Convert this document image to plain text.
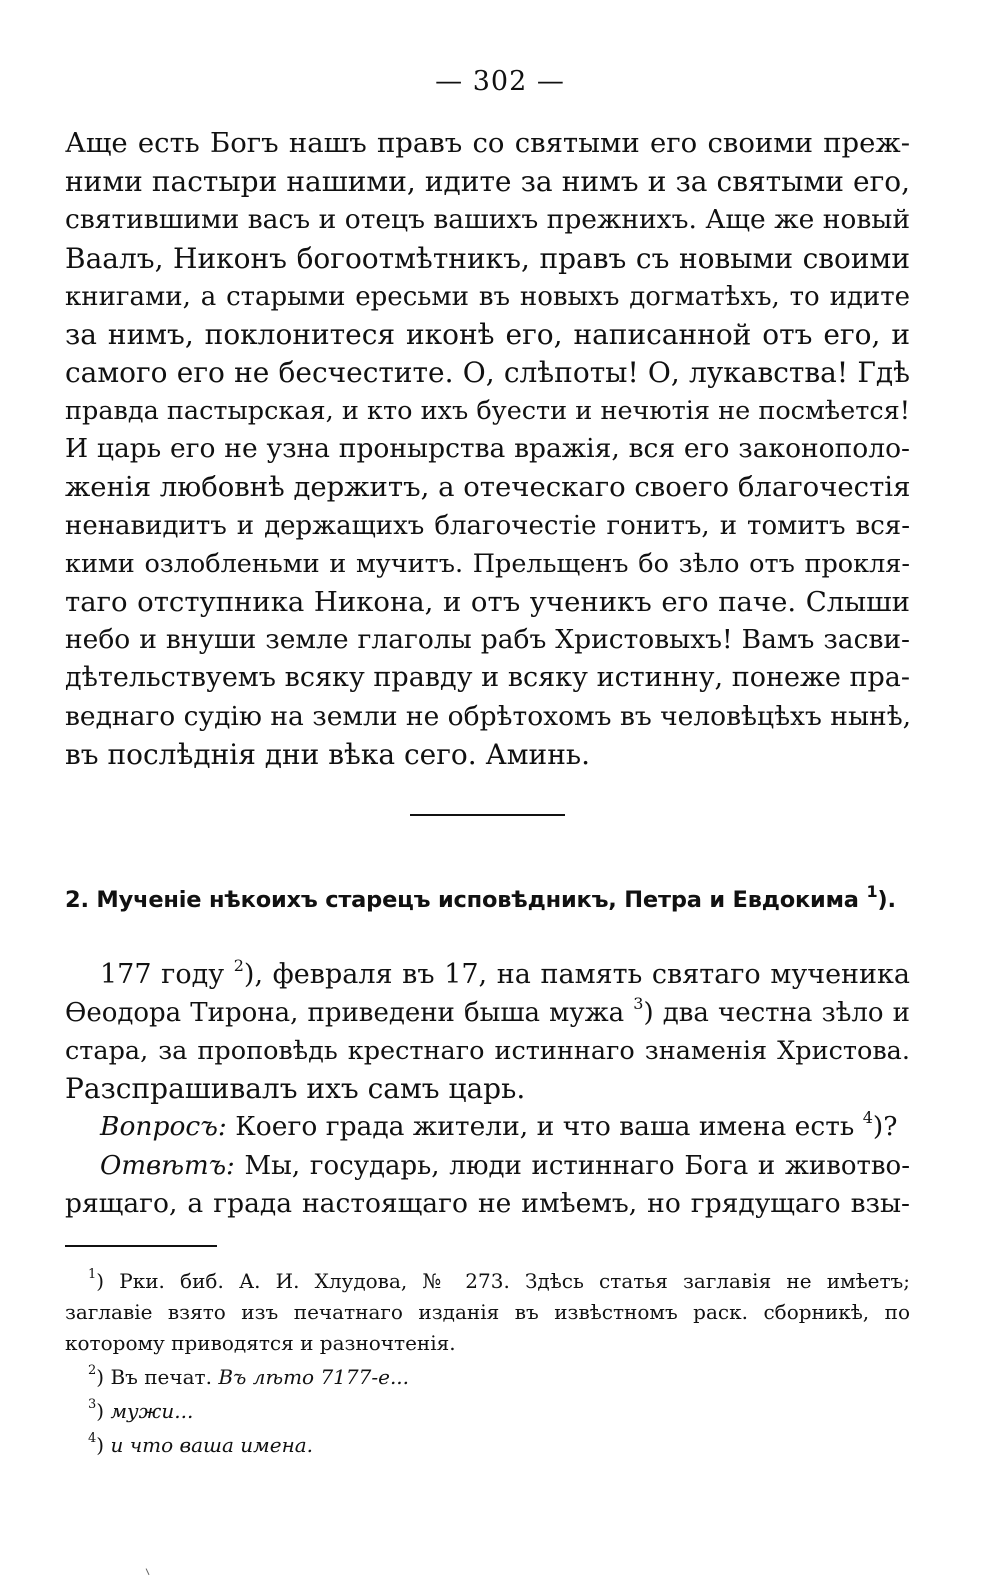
— 302 —
Аще есть Богъ нашъ правъ со святыми его своими преж-
ними пастыри нашими, идите за нимъ и за святыми его,
святившими васъ и отецъ вашихъ прежнихъ. Аще же новый
Ваалъ, Никонъ богоотмѣтникъ, правъ съ новыми своими
книгами, а старыми ересьми въ новыхъ догматѣхъ, то идите
за нимъ, поклонитеся иконѣ его, написанной отъ его, и
самого его не бесчестите. О, слѣпоты! О, лукавства! Гдѣ
правда пастырская, и кто ихъ буести и нечютія не посмѣется!
И царь его не узна пронырства вражія, вся его законополо-
женія любовнѣ держитъ, а отеческаго своего благочестія
ненавидитъ и держащихъ благочестіе гонитъ, и томитъ вся-
кими озлобленьми и мучитъ. Прельщенъ бо зѣло отъ прокля-
таго отступника Никона, и отъ ученикъ его паче. Слыши
небо и внуши земле глаголы рабъ Христовыхъ! Вамъ засви-
дѣтельствуемъ всяку правду и всяку истинну, понеже пра-
веднаго судію на земли не обрѣтохомъ въ человѣцѣхъ нынѣ,
въ послѣднія дни вѣка сего. Аминь.
2. Мученіе нѣкоихъ старецъ исповѣдникъ, Петра и Евдокима $^1$).
177 году $^2$), февраля въ 17, на память святаго мученика
Ѳеодора Тирона, приведени быша мужа $^3$) два честна зѣло и
стара, за проповѣдь крестнаго истиннаго знаменія Христова.
Разспрашивалъ ихъ самъ царь.
Вопросъ: Коего града жители, и что ваша имена есть $^4$)?
Отвѣтъ: Мы, государь, люди истиннаго Бога и животво-
рящаго, а града настоящаго не имѣемъ, но грядущаго взы-
$^1$) Рки. биб. А. И. Хлудова, № 273. Здѣсь статья заглавія не имѣетъ;
заглавіе взято изъ печатнаго изданія въ извѣстномъ раск. сборникѣ, по
которому приводятся и разночтенія.
$^2$) Въ печат. Въ лѣто 7177-е...
$^3$) мужи...
$^4$) и что ваша имена.
